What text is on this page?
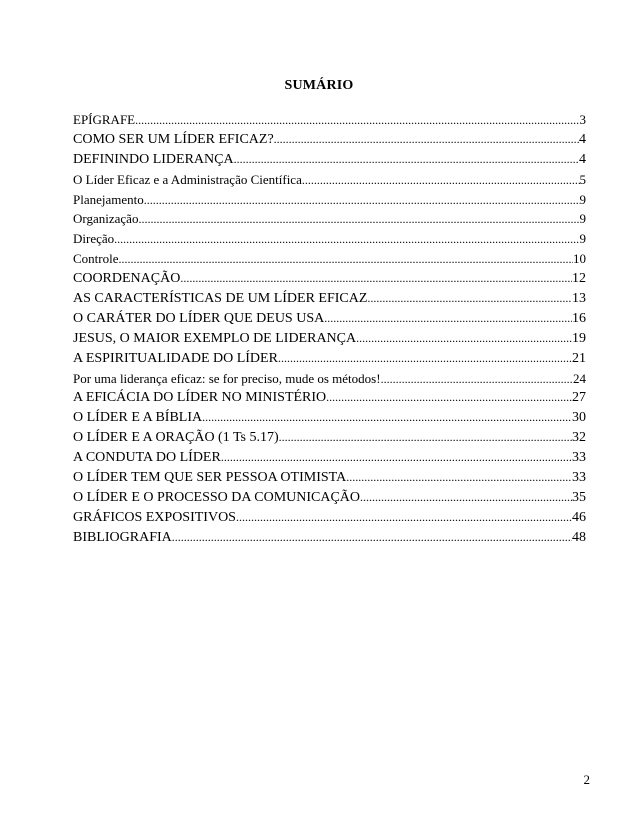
SUMÁRIO
EPÍGRAFE .....	3
COMO SER UM LÍDER EFICAZ? .....	4
DEFININDO LIDERANÇA .....	4
O Líder Eficaz e a Administração Científica .....	5
Planejamento .....	9
Organização .....	9
Direção .....	9
Controle .....	10
COORDENAÇÃO .....	12
AS CARACTERÍSTICAS DE UM LÍDER EFICAZ .....	13
O CARÁTER DO LÍDER QUE DEUS USA .....	16
JESUS, O MAIOR EXEMPLO DE LIDERANÇA .....	19
A ESPIRITUALIDADE DO LÍDER .....	21
Por uma liderança eficaz: se for preciso, mude os métodos! .....	24
A EFICÁCIA DO LÍDER NO MINISTÉRIO .....	27
O LÍDER E A BÍBLIA .....	30
O LÍDER E A ORAÇÃO (1 Ts 5.17) .....	32
A CONDUTA DO LÍDER .....	33
O LÍDER TEM QUE SER PESSOA OTIMISTA .....	33
O LÍDER E O PROCESSO DA COMUNICAÇÃO .....	35
GRÁFICOS EXPOSITIVOS .....	46
BIBLIOGRAFIA .....	48
2
